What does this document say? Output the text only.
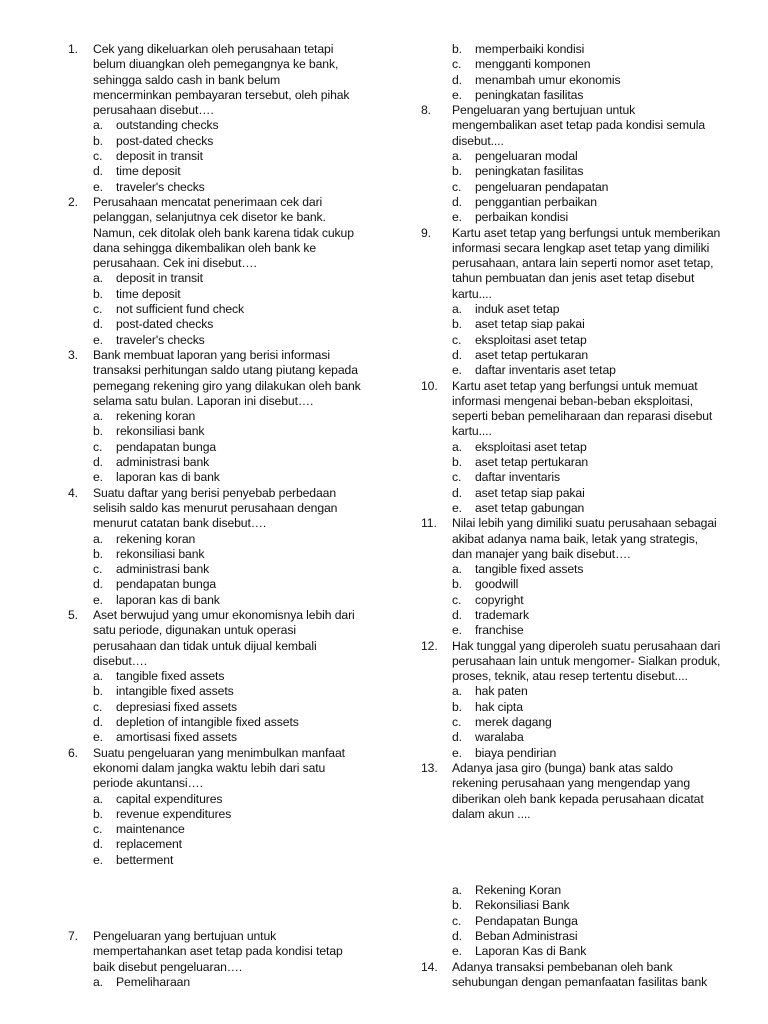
1.	Cek yang dikeluarkan oleh perusahaan tetapi belum diuangkan oleh pemegangnya ke bank, sehingga saldo cash in bank belum mencerminkan pembayaran tersebut, oleh pihak perusahaan disebut….
a.	outstanding checks
b.	post-dated checks
c.	deposit in transit
d.	time deposit
e.	traveler's checks
2.	Perusahaan mencatat penerimaan cek dari pelanggan, selanjutnya cek disetor ke bank. Namun, cek ditolak oleh bank karena tidak cukup dana sehingga dikembalikan oleh bank ke perusahaan. Cek ini disebut….
a.	deposit in transit
b.	time deposit
c.	not sufficient fund check
d.	post-dated checks
e.	traveler's checks
3.	Bank membuat laporan yang berisi informasi transaksi perhitungan saldo utang piutang kepada pemegang rekening giro yang dilakukan oleh bank selama satu bulan. Laporan ini disebut….
a.	rekening koran
b.	rekonsiliasi bank
c.	pendapatan bunga
d.	administrasi bank
e.	laporan kas di bank
4.	Suatu daftar yang berisi penyebab perbedaan selisih saldo kas menurut perusahaan dengan menurut catatan bank disebut….
a.	rekening koran
b.	rekonsiliasi bank
c.	administrasi bank
d.	pendapatan bunga
e.	laporan kas di bank
5.	Aset berwujud yang umur ekonomisnya lebih dari satu periode, digunakan untuk operasi perusahaan dan tidak untuk dijual kembali disebut….
a.	tangible fixed assets
b.	intangible fixed assets
c.	depresiasi fixed assets
d.	depletion of intangible fixed assets
e.	amortisasi fixed assets
6.	Suatu pengeluaran yang menimbulkan manfaat ekonomi dalam jangka waktu lebih dari satu periode akuntansi….
a.	capital expenditures
b.	revenue expenditures
c.	maintenance
d.	replacement
e.	betterment
7.	Pengeluaran yang bertujuan untuk mempertahankan aset tetap pada kondisi tetap baik disebut pengeluaran….
a.	Pemeliharaan
b.	memperbaiki kondisi
c.	mengganti komponen
d.	menambah umur ekonomis
e.	peningkatan fasilitas
8.	Pengeluaran yang bertujuan untuk mengembalikan aset tetap pada kondisi semula disebut....
a.	pengeluaran modal
b.	peningkatan fasilitas
c.	pengeluaran pendapatan
d.	penggantian perbaikan
e.	perbaikan kondisi
9.	Kartu aset tetap yang berfungsi untuk memberikan informasi secara lengkap aset tetap yang dimiliki perusahaan, antara lain seperti nomor aset tetap, tahun pembuatan dan jenis aset tetap disebut kartu....
a.	induk aset tetap
b.	aset tetap siap pakai
c.	eksploitasi aset tetap
d.	aset tetap pertukaran
e.	daftar inventaris aset tetap
10. Kartu aset tetap yang berfungsi untuk memuat informasi mengenai beban-beban eksploitasi, seperti beban pemeliharaan dan reparasi disebut kartu....
a.	eksploitasi aset tetap
b.	aset tetap pertukaran
c.	daftar inventaris
d.	aset tetap siap pakai
e.	aset tetap gabungan
11.	Nilai lebih yang dimiliki suatu perusahaan sebagai akibat adanya nama baik, letak yang strategis, dan manajer yang baik disebut….
a.	tangible fixed assets
b.	goodwill
c.	copyright
d.	trademark
e.	franchise
12. Hak tunggal yang diperoleh suatu perusahaan dari perusahaan lain untuk mengomer- Sialkan produk, proses, teknik, atau resep tertentu disebut....
a.	hak paten
b.	hak cipta
c.	merek dagang
d.	waralaba
e.	biaya pendirian
13. Adanya jasa giro (bunga) bank atas saldo rekening perusahaan yang mengendap yang diberikan oleh bank kepada perusahaan dicatat dalam akun ....
a.	Rekening Koran
b.	Rekonsiliasi Bank
c.	Pendapatan Bunga
d.	Beban Administrasi
e.	Laporan Kas di Bank
14. Adanya transaksi pembebanan oleh bank sehubungan dengan pemanfaatan fasilitas bank
